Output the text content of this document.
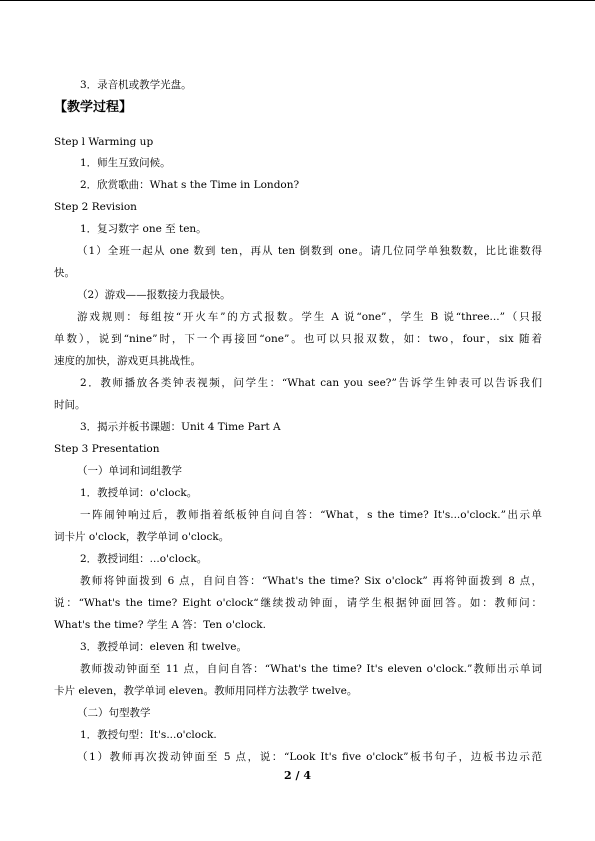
3．录音机或教学光盘。
【教学过程】
Step l Warming up
1．师生互致问候。
2．欣赏歌曲：What s the Time in London?
Step 2 Revision
1．复习数字 one 至 ten。
（1）全班一起从 one 数到 ten，再从 ten 倒数到 one。请几位同学单独数数，比比谁数得
快。
（2）游戏——报数接力我最快。
游戏规则：每组按“开火车”的方式报数。学生 A 说“one”，学生 B 说“three...”（只报
单数），说到“nine”时，下一个再接回“one”。也可以只报双数，如：two，four，six 随着
速度的加快，游戏更具挑战性。
2．教师播放各类钟表视频，问学生：“What can you see?”告诉学生钟表可以告诉我们
时间。
3．揭示并板书课题：Unit 4 Time Part A
Step 3 Presentation
（一）单词和词组教学
1．教授单词：o'clock。
一阵闹钟响过后，教师指着纸板钟自问自答：“What，s the time? It's...o'clock.”出示单
词卡片 o'clock，教学单词 o'clock。
2．教授词组：...o'clock。
教师将钟面拨到 6 点，自问自答：“What's the time? Six o'clock” 再将钟面拨到 8 点，
说：“What's the time? Eight o'clock“继续拨动钟面，请学生根据钟面回答。如：教师问：
What's the time? 学生 A 答：Ten o'clock.
3．教授单词：eleven 和 twelve。
教师拨动钟面至 11 点，自问自答：“What's the time? It's eleven o'clock.”教师出示单词
卡片 eleven，教学单词 eleven。教师用同样方法教学 twelve。
（二）句型教学
1．教授句型：It's...o'clock.
（1）教师再次拨动钟面至 5 点，说：“Look It's five o'clock”板书句子，边板书边示范
2 / 4
